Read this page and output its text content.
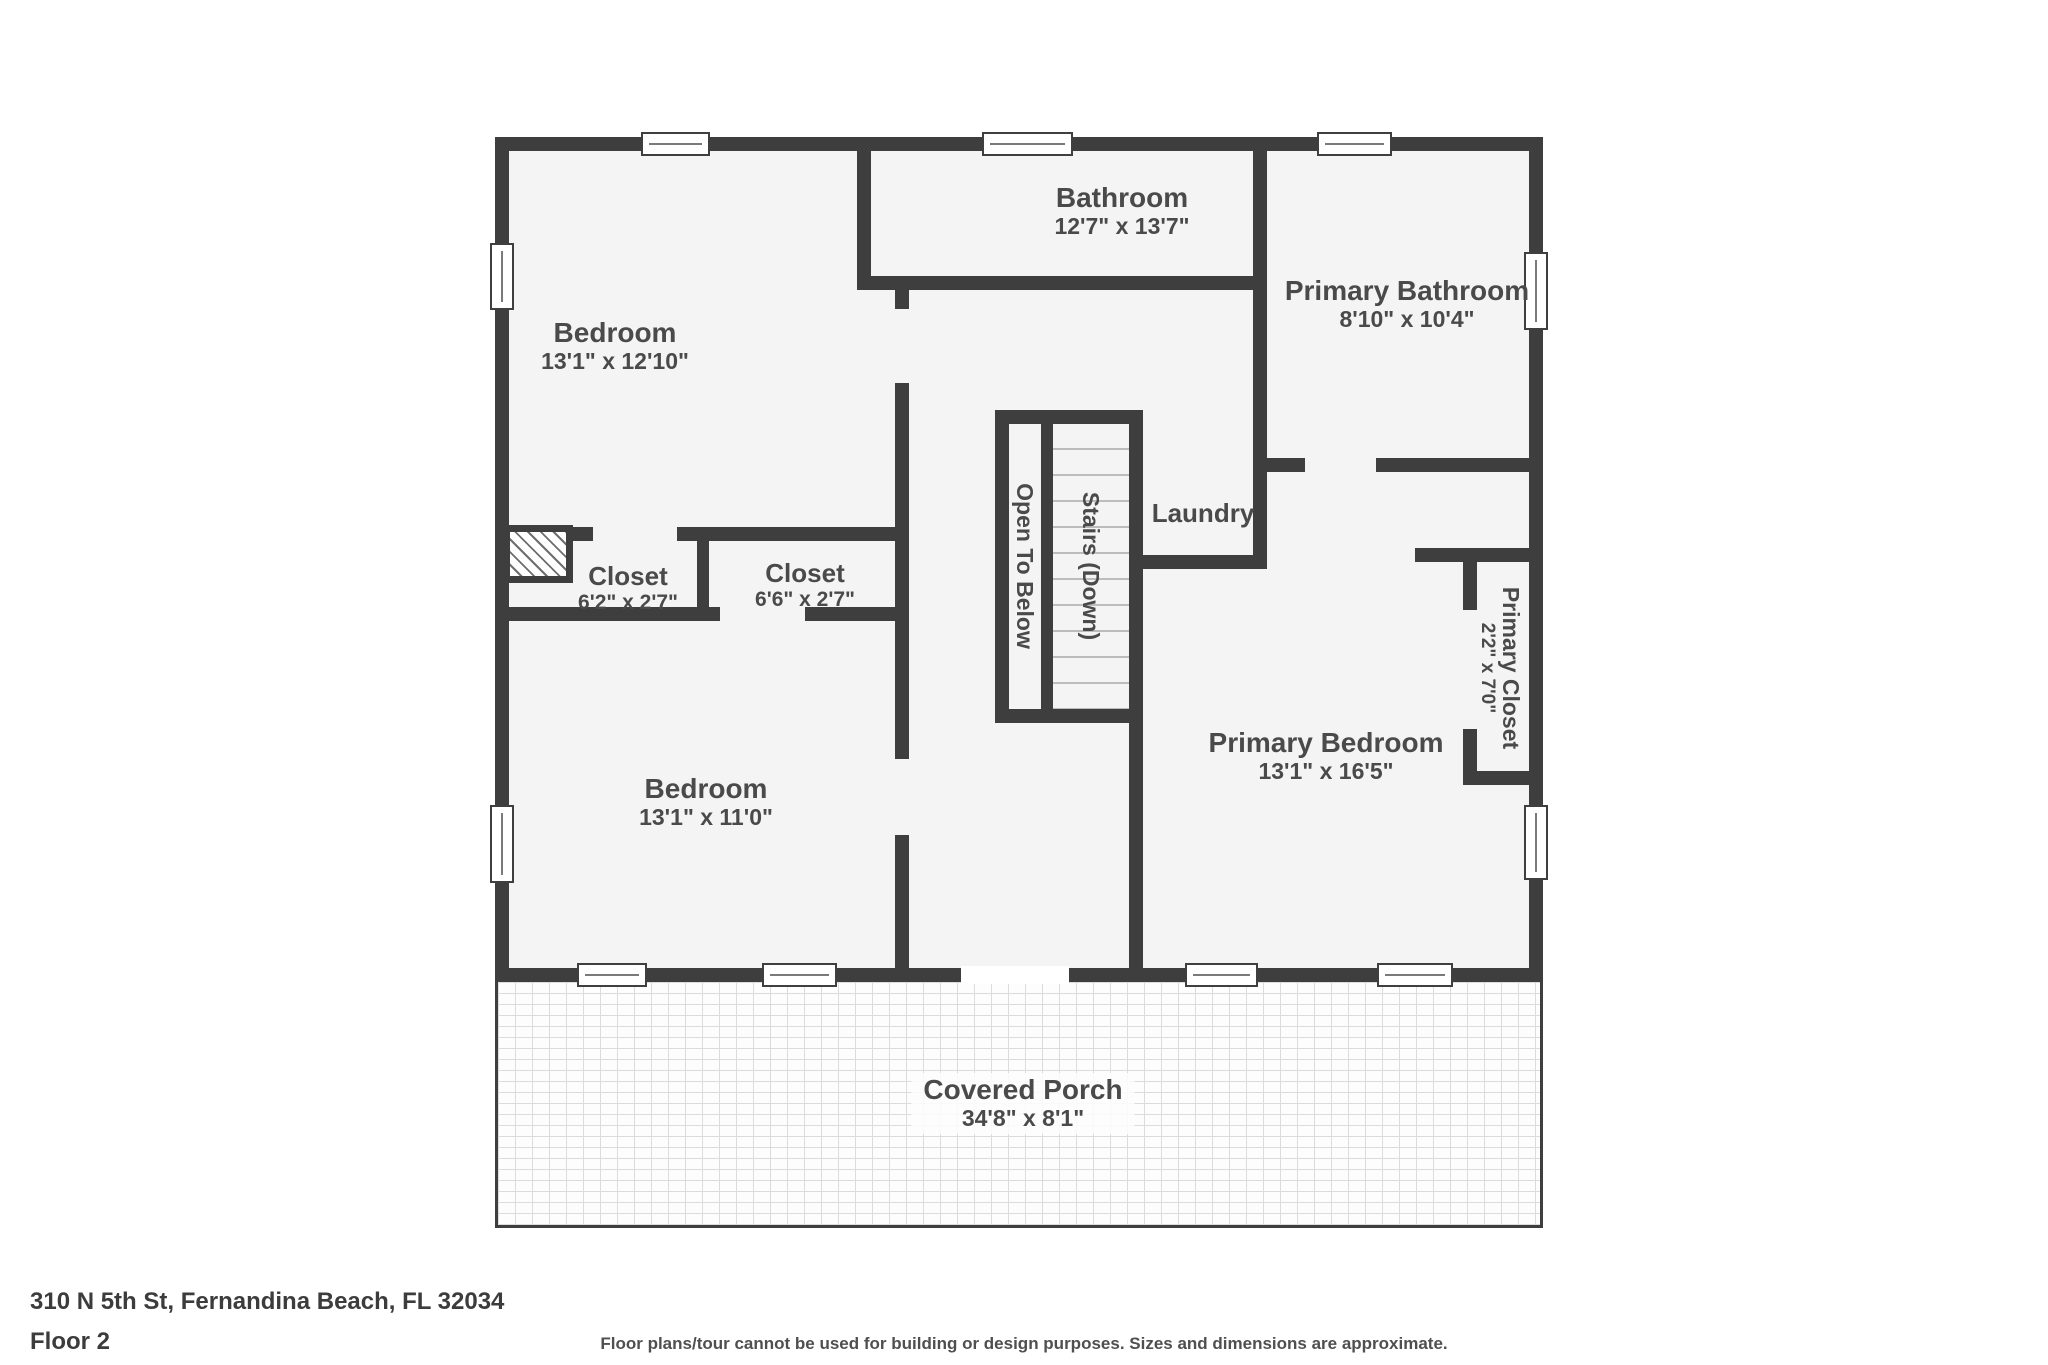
Bedroom
13'1" x 12'10"
Bathroom
12'7" x 13'7"
Primary Bathroom
8'10" x 10'4"
Closet
6'2" x 2'7"
Closet
6'6" x 2'7"
Laundry
Open To Below Stairs (Down)
Primary Bedroom
13'1" x 16'5"
Primary Closet
2'2" x 7'0"
Bedroom
13'1" x 11'0"
Covered Porch
34'8" x 8'1"
310 N 5th St, Fernandina Beach, FL 32034
Floor 2	Floor plans/tour cannot be used for building or design purposes. Sizes and dimensions are approximate.
